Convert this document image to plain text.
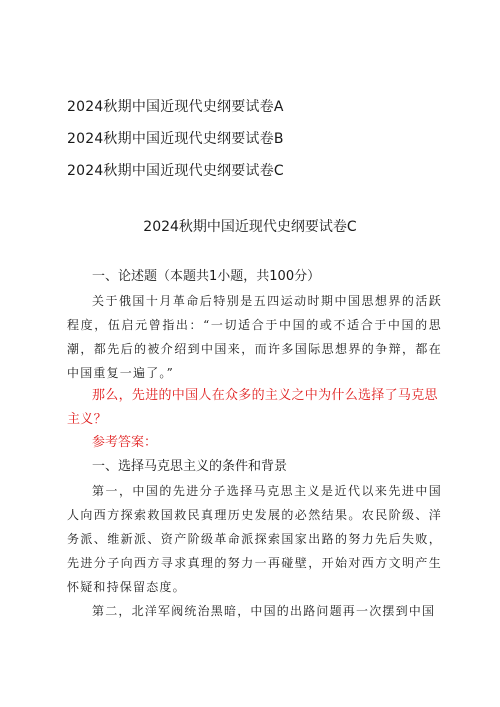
2024秋期中国近现代史纲要试卷A
2024秋期中国近现代史纲要试卷B
2024秋期中国近现代史纲要试卷C
2024秋期中国近现代史纲要试卷C
一、论述题（本题共1小题，共100分）
关于俄国十月革命后特别是五四运动时期中国思想界的活跃程度，伍启元曾指出：“一切适合于中国的或不适合于中国的思潮，都先后的被介绍到中国来，而许多国际思想界的争辩，都在中国重复一遍了。”
那么，先进的中国人在众多的主义之中为什么选择了马克思主义？
参考答案：
一、选择马克思主义的条件和背景
第一，中国的先进分子选择马克思主义是近代以来先进中国人向西方探索救国救民真理历史发展的必然结果。农民阶级、洋务派、维新派、资产阶级革命派探索国家出路的努力先后失败，先进分子向西方寻求真理的努力一再碰壁，开始对西方文明产生怀疑和持保留态度。
第二，北洋军阀统治黑暗，中国的出路问题再一次摆到中国
